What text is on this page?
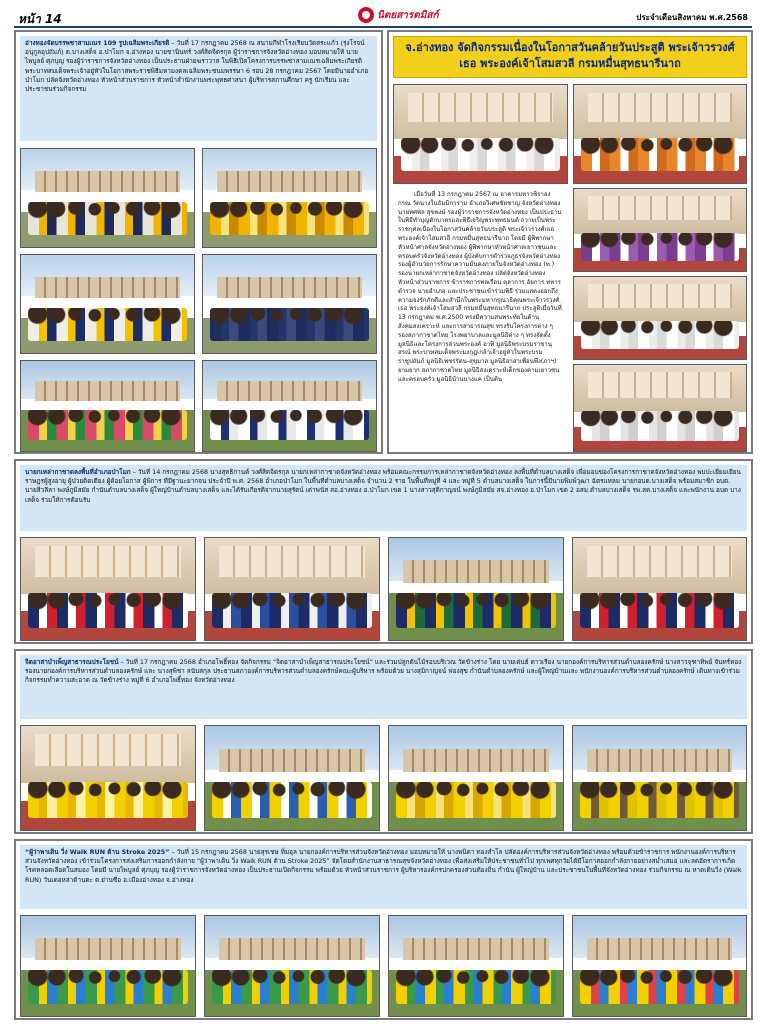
หน้า 14	นิตยสารตมิสก์	ประจำเดือนสิงหาคม พ.ศ.2568
อ่างทองจัดบรรพชาสามเณร 109 รูปเฉลิมพระเกียรติ – วันที่ 17 กรกฎาคม 2568 ณ สนามกีฬาโรงเรียนวัดสระแก้ว (รุ่งโรจน์อนุกูลอุปถัมภ์) ต.บางเสด็จ อ.ป่าโมก จ.อ่างทอง นายชานินทร์ วงศ์สิดจิตรกุล ผู้ว่าราชการจังหวัดอ่างทอง มอบหมายให้ นายไพบูลย์ ศุภบุญ รองผู้ว่าราชการจังหวัดอ่างทอง เป็นประธานฝ่ายฆราวาส ในพิธีเปิดโครงการบรรพชาสามเณรเฉลิมพระเกียรติพระบาทสมเด็จพระเจ้าอยู่หัวในโอกาสพระราชพิธีมหามงคลเฉลิมพระชนมพรรษา 6 รอบ 28 กรกฎาคม 2567 โดยมีนายอำเภอป่าโมก ปลัดจังหวัดอ่างทอง หัวหน้าส่วนราชการ หัวหน้าสำนักงานพระพุทธศาสนา ผู้บริหารสถานศึกษา ครู นักเรียน และประชาชนร่วมกิจกรรม
จ.อ่างทอง จัดกิจกรรมเนื่องในโอกาสวันคล้ายวันประสูติ พระเจ้าวรวงศ์เธอ พระองค์เจ้าโสมสวลี กรมหมื่นสุทธนารีนาถ
เมื่อวันที่ 13 กรกฎาคม 2567 ณ อาคารมหาวชิราลงกรณ วัดนางในธัมมิการาม อำเภอวิเศษชัยชาญ จังหวัดอ่างทอง นายทศพล สุขพงษ์ รองผู้ว่าราชการจังหวัดอ่างทอง เป็นประธานในพิธีทำบุญตักบาตรและพิธีเจริญพระพุทธมนต์ ถวายเป็นพระราชกุศลเนื่องในโอกาสวันคล้ายวันประสูติ พระเจ้าวรวงศ์เธอ พระองค์เจ้าโสมสวลี กรมหมื่นสุทธนารีนาถ โดยมี ผู้พิพากษาหัวหน้าศาลจังหวัดอ่างทอง ผู้พิพากษาหัวหน้าศาลเยาวชนและครอบครัวจังหวัดอ่างทอง ผู้บังคับการตำรวจภูธรจังหวัดอ่างทอง รองผู้อำนวยการรักษาความมั่นคงภายในจังหวัดอ่างทอง (ท.) รองนายกเหล่ากาชาดจังหวัดอ่างทอง ปลัดจังหวัดอ่างทอง หัวหน้าส่วนราชการ ข้าราชการพลเรือน ตุลาการ อัยการ ทหาร ตำรวจ นายอำเภอ และประชาชนเข้าร่วมพิธี ร่วมแสดงออกถึงความจงรักภักดีและสำนึกในพระมหากรุณาธิคุณพระเจ้าวรวงศ์เธอ พระองค์เจ้าโสมสวลี กรมหมื่นสุทธนารีนาถ ประสูติเมื่อวันที่ 13 กรกฎาคม พ.ศ.2500 ทรงมีความสนพระทัยในด้านสังคมสงเคราะห์ และการสาธารณสุข ทรงรับโครงการต่าง ๆ รองสภากาชาดไทย โรงพยาบาลและมูลนิธิต่าง ๆ ทรงจัดตั้งมูลนิธิและโครงการส่วนพระองค์ อาทิ มูลนิธิพระบรมราชานุสรณ์ พระบาทสมเด็จพระมงกุฎเกล้าเจ้าอยู่หัวในพระบรมราชูปถัมภ์ มูลนิธิเพชรรัตน-สุขุมาล มูลนิธิอาสาเพื่อนพึ่ง(ภาฯ) ยามยาก สภากาชาดไทย มูลนิธิสงเคราะห์เด็กของคามเยาวชนและครอบครัว มูลนิธิบ้านบางแค เป็นต้น
นายกเหล่ากาชาดลงพื้นที่อำเภอป่าโมก – วันที่ 14 กรกฎาคม 2568 นางสุทธิกานต์ วงศ์สิดจิตรกุล นายกเหล่ากาชาดจังหวัดอ่างทอง พร้อมคณะกรรมการเหล่ากาชาดจังหวัดอ่างทอง ลงพื้นที่ตำบลบางเสด็จ เพื่อมอบของโครงการกาชาดจังหวัดอ่างทอง พบปะเยี่ยมเยียนราษฎรผู้สูงอายุ ผู้ป่วยติดเตียง ผู้ด้อยโอกาส ผู้พิการ ที่มีฐานะยากจน ประจำปี พ.ศ. 2568 อำเภอป่าโมก ในพื้นที่ตำบลบางเสด็จ จำนวน 2 ราย ในพื้นที่หมู่ที่ 4 และ หมู่ที่ 5 ตำบลบางเสด็จ ในการนี้มีนายพิมพ์วุฒา ฉัตรแหลม นายกอบต.บางเสด็จ พร้อมสมาชิก อบต. นายสิวลีลา พงษ์ภูมิสมัย กำนันตำบลบางเสด็จ ผู้ใหญ่บ้านตำบลบางเสด็จ และได้รับเกียรติจากนายสุรัตน์ เต่าพนัส สอ.อ่างทอง อ.ป่าโมก เขต 1 นางสาวสุติกาญจน์ พงษ์ภูมิสมัย สจ.อ่างทอง อ.ป่าโมก เขต 2 อสม.ตำบลบางเสด็จ รพ.สต.บางเสด็จ และพนักงาน อบต บางเสด็จ ร่วมให้การต้อนรับ
จิตอาสาบำเพ็ญสาธารณประโยชน์ – วันที่ 17 กรกฎาคม 2568 อำเภอโพธิ์ทอง จัดกิจกรรม “จิตอาสาบำเพ็ญสาธารณประโยชน์” และร่วมปลูกต้นไม้รอบบริเวณ วัดข้างร่าง โดย นายเด่นธ์ ดาวเรือง นายกองค์การบริหารส่วนตำบลองครักษ์ นางสาวจุฑาทิพย์ จันทร์ทอง รองนายกองค์การบริหารส่วนตำบลองครักษ์ และ นางสุพิชา ลนับสกุล ประธานสภาองค์การบริหารส่วนตำบลองครักษ์คณะผู้บริหาร พร้อมด้วย นางสุมิกาญจน์ ฟองสุข กำนันตำบลองครักษ์ และผู้ใหญ่บ้านและ พนักงานองค์การบริหารส่วนตำบลองครักษ์ เดินทางเข้าร่วมกิจกรรมทำความสะอาด ณ วัดข้างร่าง หมู่ที่ 6 อำเภอโพธิ์ทอง จังหวัดอ่างทอง
“ผู้ว่าพาเดิน วิ่ง Walk RUN ต้าน Stroke 2025” – วันที่ 15 กรกฎาคม 2568 นายสุรเชษ ทิ่มอุล นายกองค์การบริหารส่วนจังหวัดอ่างทอง มอบหมายให้ นางพนิดา ทองสำโล ปลัดองค์การบริหารส่วนจังหวัดอ่างทอง พร้อมด้วยข้าราชการ พนักงานองค์การบริหารส่วนจังหวัดอ่างทอง เข้าร่วมโครงการส่งเสริมการออกกำลังกาย “ผู้ว่าพาเดิน วิ่ง Walk RUN ต้าน Stroke 2025” จัดโดยสำนักงานสาธารณสุขจังหวัดอ่างทอง เพื่อส่งเสริมให้ประชาชนทั่วไป ทุกเพศทุกวัยได้มีโอกาสออกกำลังกายอย่างสม่ำเสมอ และลดอัตราการเกิดโรคหลอดเลือดในสมอง โดยมี นายไพบูลย์ ศุภบุญ รองผู้ว่าราชการจังหวัดอ่างทอง เป็นประธานเปิดกิจกรรม พร้อมด้วย หัวหน้าส่วนราชการ ผู้บริหารองค์กรปกครองส่วนท้องถิ่น กำนัน ผู้ใหญ่บ้าน และประชาชนในพื้นที่จังหวัดอ่างทอง ร่วมกิจกรรม ณ หาดเดินวิ่ง (Walk RUN) วันเดอหล่าด้านตะ ต.ย่านซื่อ อ.เมืองอ่างทอง จ.อ่างทอง
